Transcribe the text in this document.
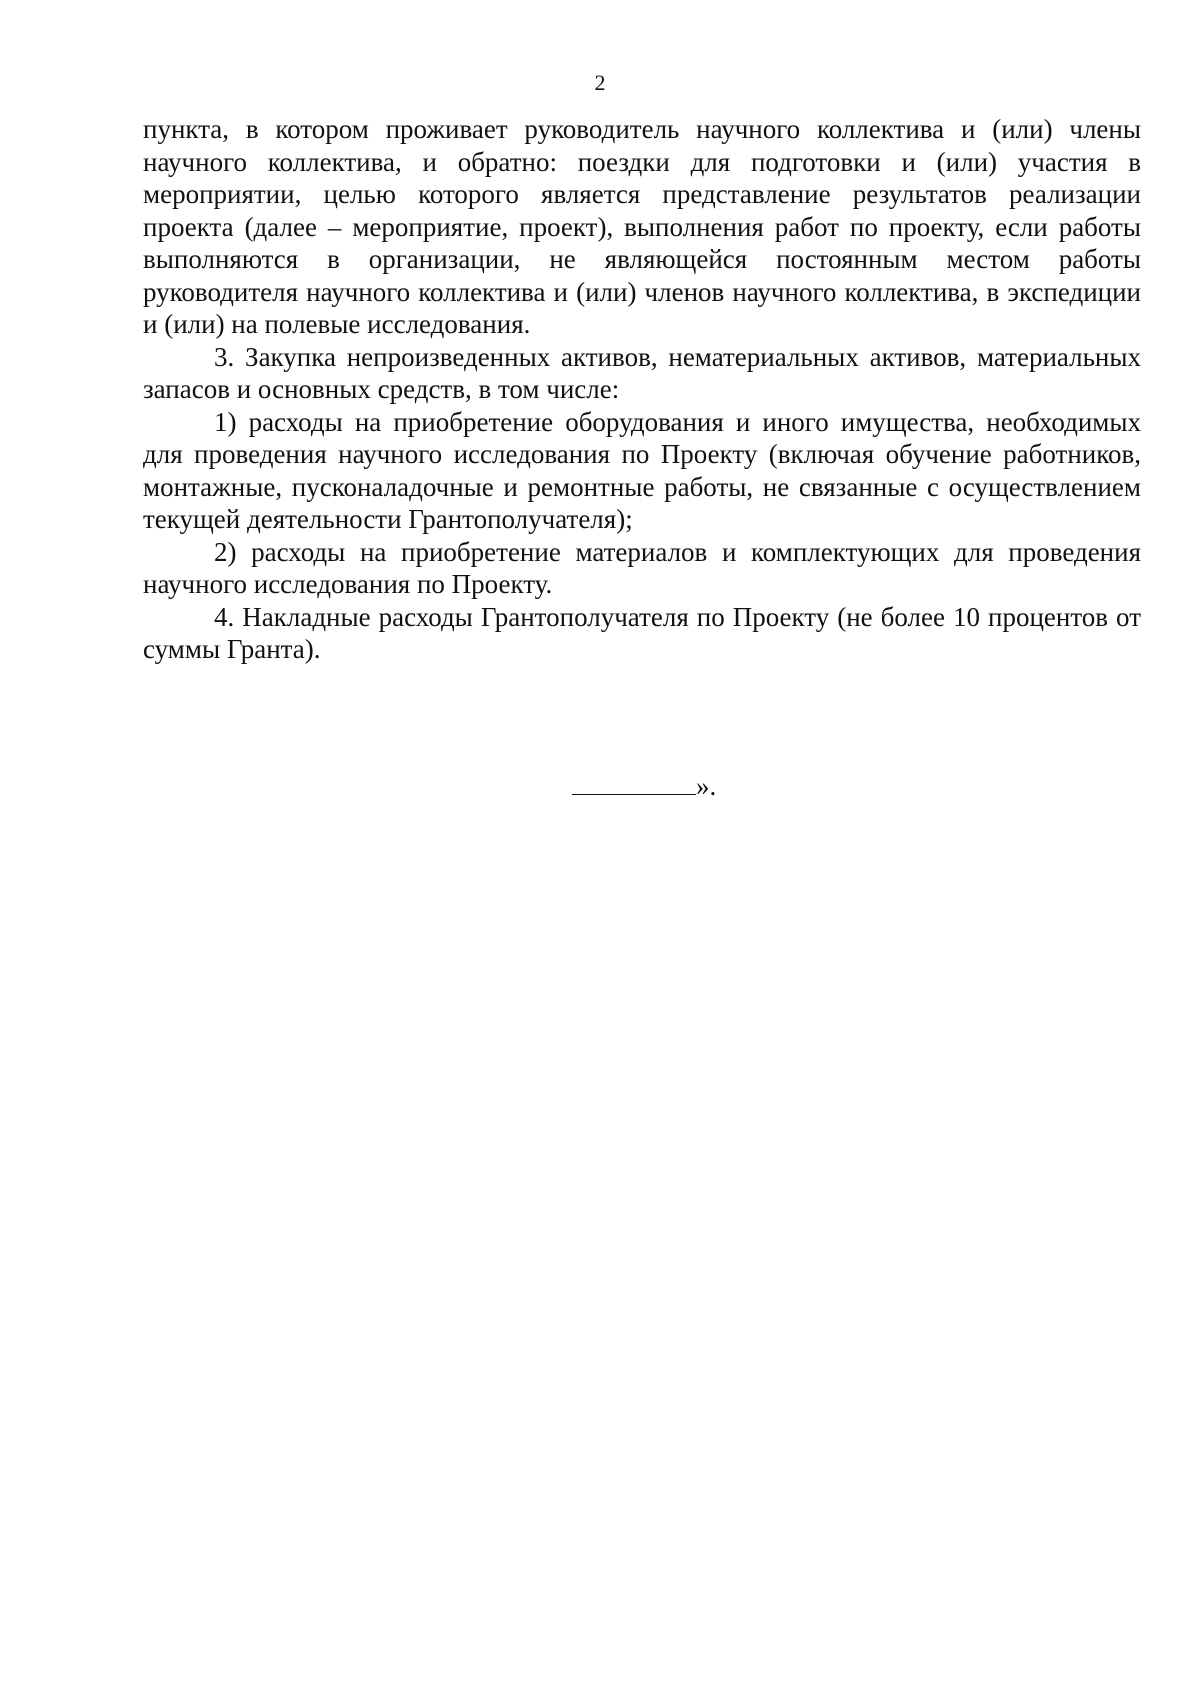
2

пункта, в котором проживает руководитель научного коллектива и (или) члены научного коллектива, и обратно: поездки для подготовки и (или) участия в мероприятии, целью которого является представление результатов реализации проекта (далее – мероприятие, проект), выполнения работ по проекту, если работы выполняются в организации, не являющейся постоянным местом работы руководителя научного коллектива и (или) членов научного коллектива, в экспедиции и (или) на полевые исследования.

3. Закупка непроизведенных активов, нематериальных активов, материальных запасов и основных средств, в том числе:

1) расходы на приобретение оборудования и иного имущества, необходимых для проведения научного исследования по Проекту (включая обучение работников, монтажные, пусконаладочные и ремонтные работы, не связанные с осуществлением текущей деятельности Грантополучателя);

2) расходы на приобретение материалов и комплектующих для проведения научного исследования по Проекту.

4. Накладные расходы Грантополучателя по Проекту (не более 10 процентов от суммы Гранта).

».
